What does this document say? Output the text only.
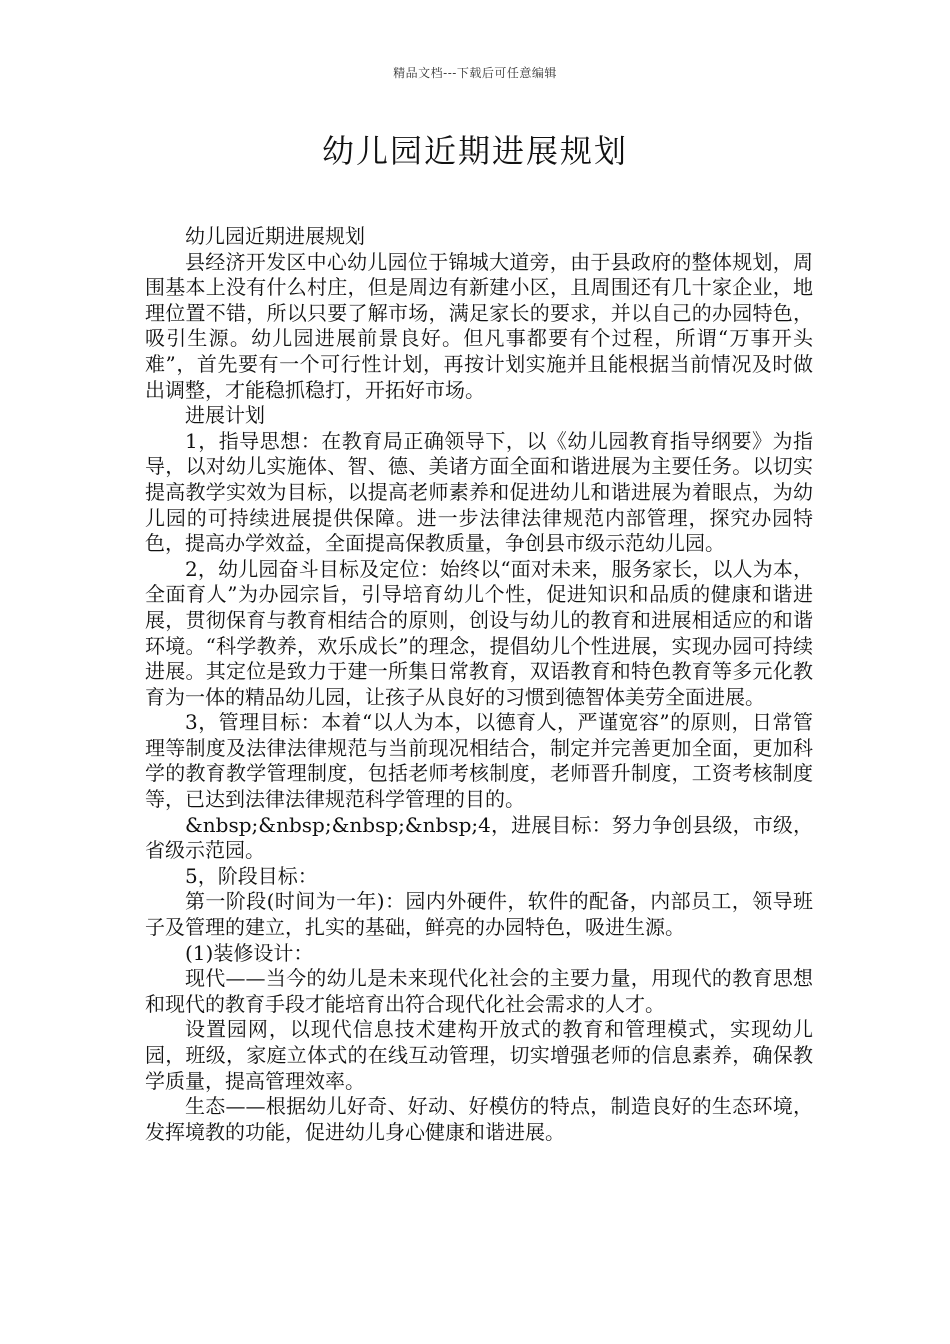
精品文档---下载后可任意编辑
幼儿园近期进展规划

幼儿园近期进展规划

县经济开发区中心幼儿园位于锦城大道旁，由于县政府的整体规划，周围基本上没有什么村庄，但是周边有新建小区，且周围还有几十家企业，地理位置不错，所以只要了解市场，满足家长的要求，并以自己的办园特色，吸引生源。幼儿园进展前景良好。但凡事都要有个过程，所谓“万事开头难”，首先要有一个可行性计划，再按计划实施并且能根据当前情况及时做出调整，才能稳抓稳打，开拓好市场。

进展计划

1，指导思想：在教育局正确领导下，以《幼儿园教育指导纲要》为指导，以对幼儿实施体、智、德、美诸方面全面和谐进展为主要任务。以切实提高教学实效为目标，以提高老师素养和促进幼儿和谐进展为着眼点，为幼儿园的可持续进展提供保障。进一步法律法律规范内部管理，探究办园特色，提高办学效益，全面提高保教质量，争创县市级示范幼儿园。

2，幼儿园奋斗目标及定位：始终以“面对未来，服务家长，以人为本，全面育人”为办园宗旨，引导培育幼儿个性，促进知识和品质的健康和谐进展，贯彻保育与教育相结合的原则，创设与幼儿的教育和进展相适应的和谐环境。“科学教养，欢乐成长”的理念，提倡幼儿个性进展，实现办园可持续进展。其定位是致力于建一所集日常教育，双语教育和特色教育等多元化教育为一体的精品幼儿园，让孩子从良好的习惯到德智体美劳全面进展。

3，管理目标：本着“以人为本，以德育人，严谨宽容”的原则，日常管理等制度及法律法律规范与当前现况相结合，制定并完善更加全面，更加科学的教育教学管理制度，包括老师考核制度，老师晋升制度，工资考核制度等，已达到法律法律规范科学管理的目的。

&nbsp;&nbsp;&nbsp;&nbsp;4，进展目标：努力争创县级，市级，省级示范园。

5，阶段目标：

第一阶段(时间为一年)：园内外硬件，软件的配备，内部员工，领导班子及管理的建立，扎实的基础，鲜亮的办园特色，吸进生源。

(1)装修设计：

现代——当今的幼儿是未来现代化社会的主要力量，用现代的教育思想和现代的教育手段才能培育出符合现代化社会需求的人才。

设置园网，以现代信息技术建构开放式的教育和管理模式，实现幼儿园，班级，家庭立体式的在线互动管理，切实增强老师的信息素养，确保教学质量，提高管理效率。

生态——根据幼儿好奇、好动、好模仿的特点，制造良好的生态环境，发挥境教的功能，促进幼儿身心健康和谐进展。
